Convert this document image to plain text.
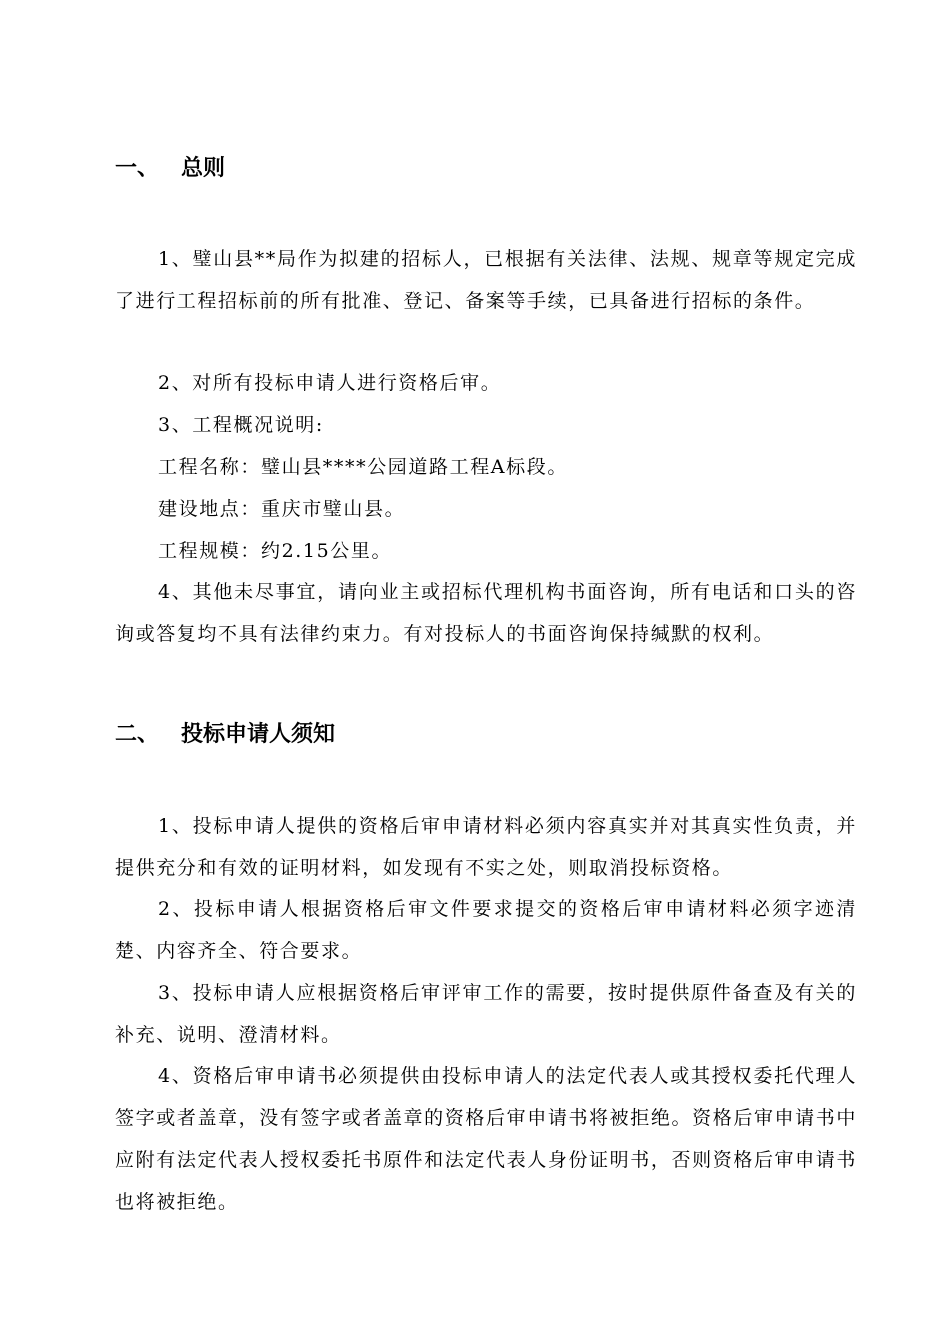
一、 总则
1、璧山县**局作为拟建的招标人，已根据有关法律、法规、规章等规定完成了进行工程招标前的所有批准、登记、备案等手续，已具备进行招标的条件。
2、对所有投标申请人进行资格后审。
3、工程概况说明:
工程名称：璧山县****公园道路工程A标段。
建设地点：重庆市璧山县。
工程规模：约2.15公里。
4、其他未尽事宜，请向业主或招标代理机构书面咨询，所有电话和口头的咨询或答复均不具有法律约束力。有对投标人的书面咨询保持缄默的权利。
二、 投标申请人须知
1、投标申请人提供的资格后审申请材料必须内容真实并对其真实性负责，并提供充分和有效的证明材料，如发现有不实之处，则取消投标资格。
2、投标申请人根据资格后审文件要求提交的资格后审申请材料必须字迹清楚、内容齐全、符合要求。
3、投标申请人应根据资格后审评审工作的需要，按时提供原件备查及有关的补充、说明、澄清材料。
4、资格后审申请书必须提供由投标申请人的法定代表人或其授权委托代理人签字或者盖章，没有签字或者盖章的资格后审申请书将被拒绝。资格后审申请书中应附有法定代表人授权委托书原件和法定代表人身份证明书，否则资格后审申请书也将被拒绝。
